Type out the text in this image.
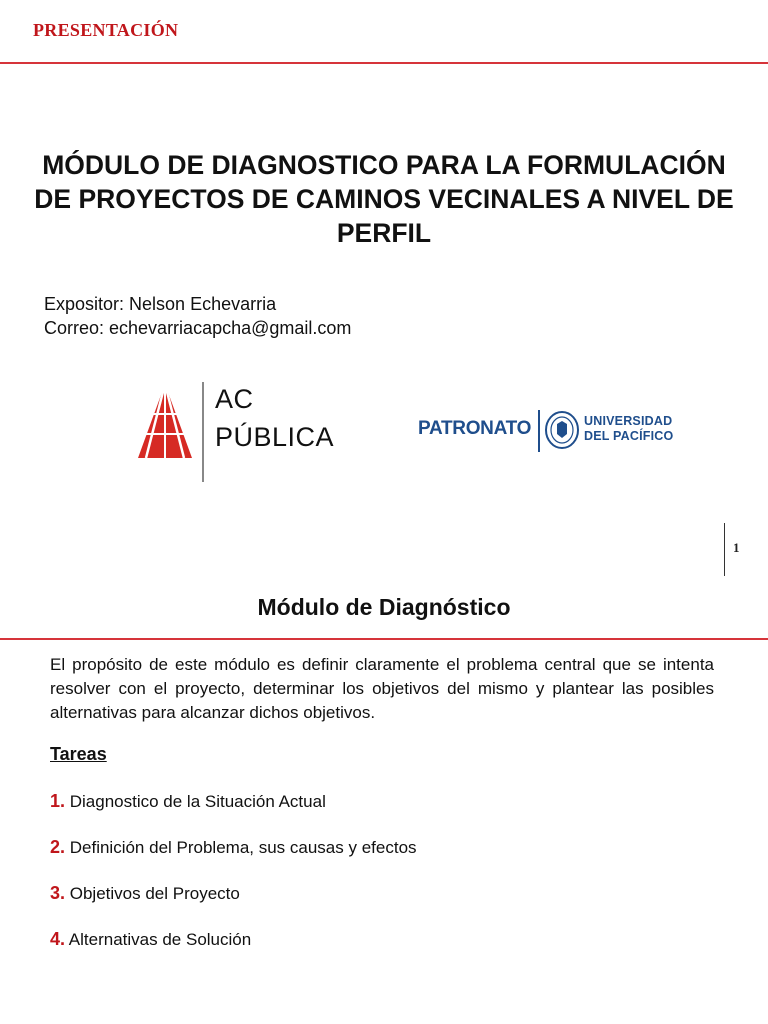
PRESENTACIÓN
MÓDULO DE DIAGNOSTICO PARA LA FORMULACIÓN
DE PROYECTOS DE CAMINOS VECINALES A NIVEL DE
PERFIL
Expositor: Nelson Echevarria
Correo: echevarriacapcha@gmail.com
AC
PÚBLICA	PATRONATO	UNIVERSIDAD
DEL PACÍFICO
1
Módulo de Diagnóstico
El propósito de este módulo es definir claramente el problema central que se intenta resolver con el proyecto, determinar los objetivos del mismo y plantear las posibles alternativas para alcanzar dichos objetivos.
Tareas
1. Diagnostico de la Situación Actual
2. Definición del Problema, sus causas y efectos
3. Objetivos del Proyecto
4. Alternativas de Solución
